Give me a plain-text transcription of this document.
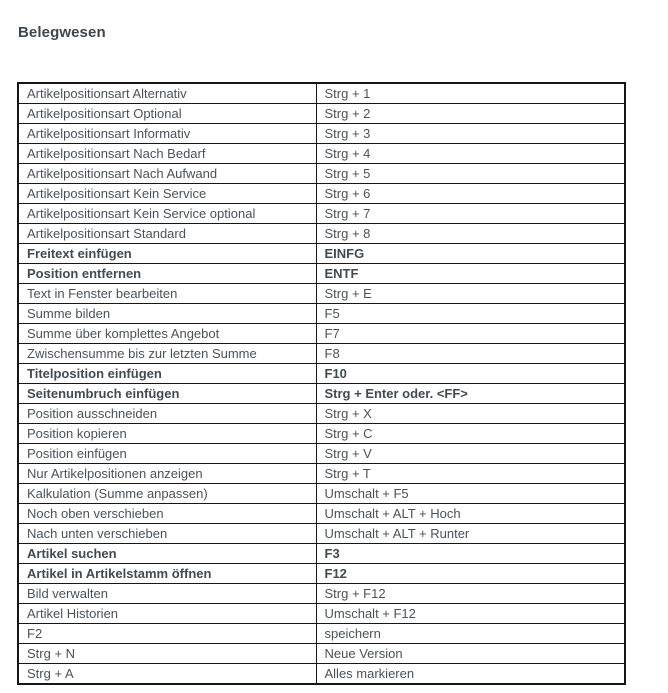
Belegwesen
Artikelpositionsart Alternativ	Strg + 1
Artikelpositionsart Optional	Strg + 2
Artikelpositionsart Informativ	Strg + 3
Artikelpositionsart Nach Bedarf	Strg + 4
Artikelpositionsart Nach Aufwand	Strg + 5
Artikelpositionsart Kein Service	Strg + 6
Artikelpositionsart Kein Service optional	Strg + 7
Artikelpositionsart Standard	Strg + 8
Freitext einfügen	EINFG
Position entfernen	ENTF
Text in Fenster bearbeiten	Strg + E
Summe bilden	F5
Summe über komplettes Angebot	F7
Zwischensumme bis zur letzten Summe	F8
Titelposition einfügen	F10
Seitenumbruch einfügen	Strg + Enter oder. <FF>
Position ausschneiden	Strg + X
Position kopieren	Strg + C
Position einfügen	Strg + V
Nur Artikelpositionen anzeigen	Strg + T
Kalkulation (Summe anpassen)	Umschalt + F5
Noch oben verschieben	Umschalt + ALT + Hoch
Nach unten verschieben	Umschalt + ALT + Runter
Artikel suchen	F3
Artikel in Artikelstamm öffnen	F12
Bild verwalten	Strg + F12
Artikel Historien	Umschalt + F12
F2	speichern
Strg + N	Neue Version
Strg + A	Alles markieren
